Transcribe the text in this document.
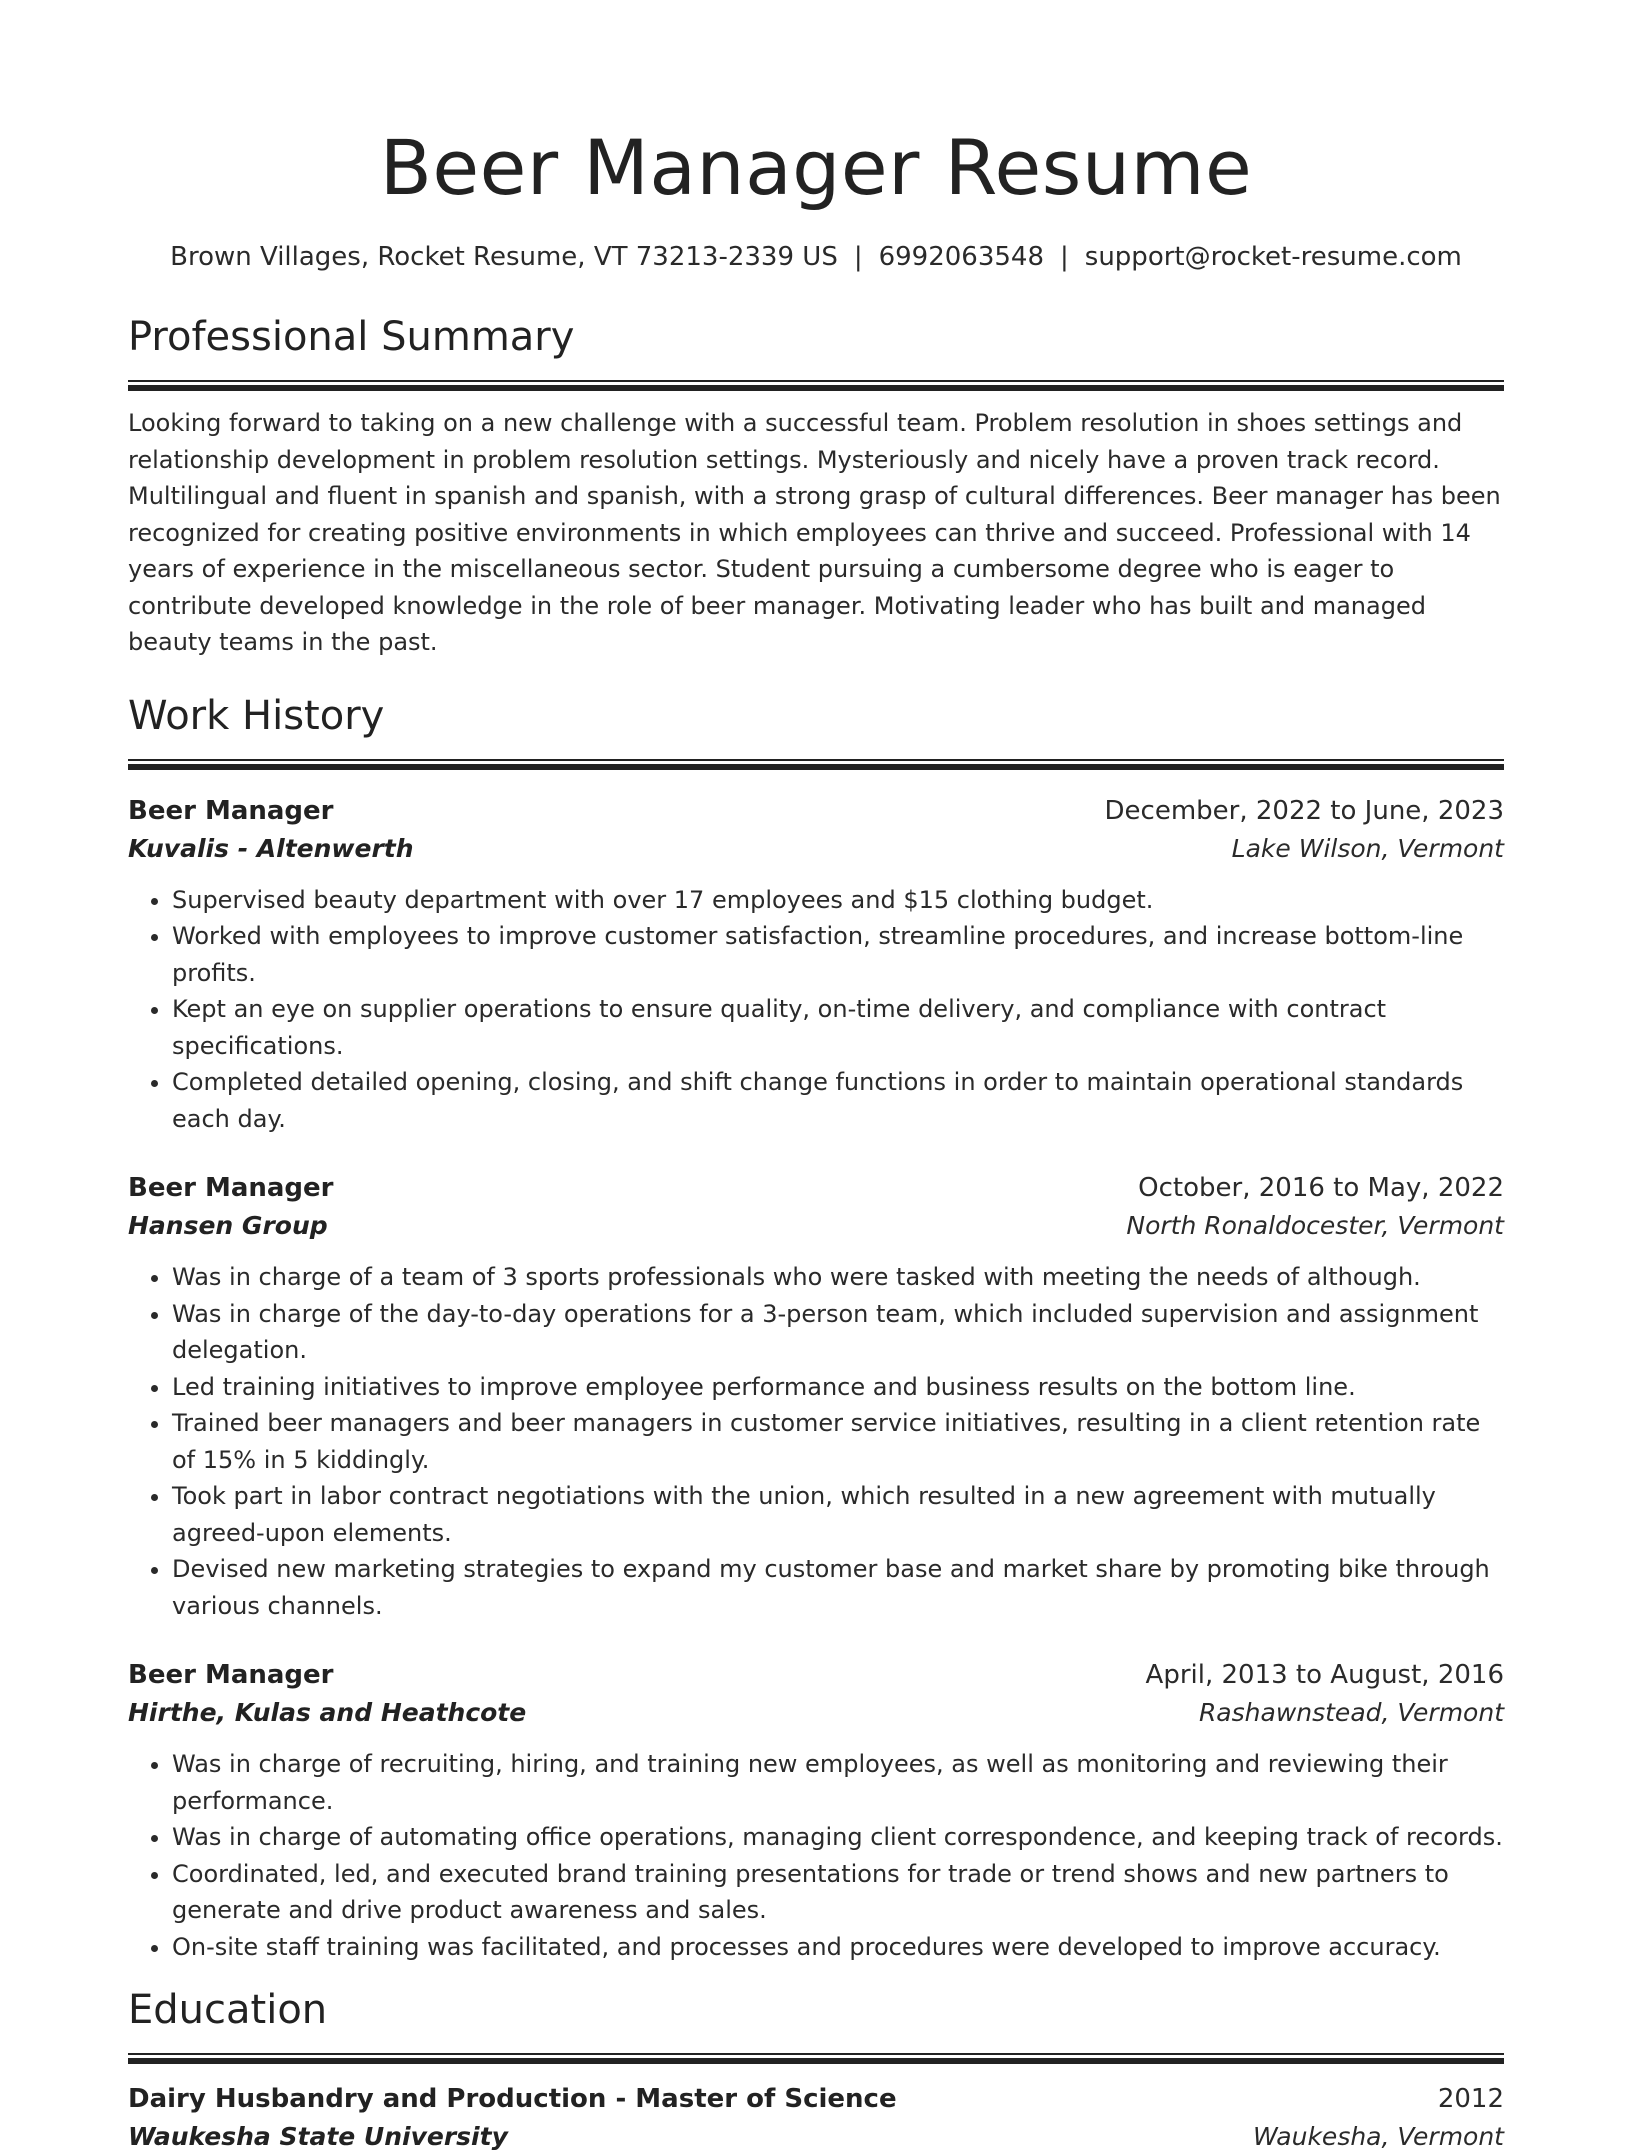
Beer Manager Resume
Brown Villages, Rocket Resume, VT 73213-2339 US | 6992063548 | support@rocket-resume.com
Professional Summary

Looking forward to taking on a new challenge with a successful team. Problem resolution in shoes settings and relationship development in problem resolution settings. Mysteriously and nicely have a proven track record. Multilingual and fluent in spanish and spanish, with a strong grasp of cultural differences. Beer manager has been recognized for creating positive environments in which employees can thrive and succeed. Professional with 14 years of experience in the miscellaneous sector. Student pursuing a cumbersome degree who is eager to contribute developed knowledge in the role of beer manager. Motivating leader who has built and managed beauty teams in the past.

Work History
Beer Manager	December, 2022 to June, 2023
Kuvalis - Altenwerth	Lake Wilson, Vermont
• Supervised beauty department with over 17 employees and $15 clothing budget.
• Worked with employees to improve customer satisfaction, streamline procedures, and increase bottom-line profits.
• Kept an eye on supplier operations to ensure quality, on-time delivery, and compliance with contract specifications.
• Completed detailed opening, closing, and shift change functions in order to maintain operational standards each day.
Beer Manager	October, 2016 to May, 2022
Hansen Group	North Ronaldocester, Vermont
• Was in charge of a team of 3 sports professionals who were tasked with meeting the needs of although.
• Was in charge of the day-to-day operations for a 3-person team, which included supervision and assignment delegation.
• Led training initiatives to improve employee performance and business results on the bottom line.
• Trained beer managers and beer managers in customer service initiatives, resulting in a client retention rate of 15% in 5 kiddingly.
• Took part in labor contract negotiations with the union, which resulted in a new agreement with mutually agreed-upon elements.
• Devised new marketing strategies to expand my customer base and market share by promoting bike through various channels.
Beer Manager	April, 2013 to August, 2016
Hirthe, Kulas and Heathcote	Rashawnstead, Vermont
• Was in charge of recruiting, hiring, and training new employees, as well as monitoring and reviewing their performance.
• Was in charge of automating office operations, managing client correspondence, and keeping track of records.
• Coordinated, led, and executed brand training presentations for trade or trend shows and new partners to generate and drive product awareness and sales.
• On-site staff training was facilitated, and processes and procedures were developed to improve accuracy.
Education
Dairy Husbandry and Production - Master of Science	2012
Waukesha State University	Waukesha, Vermont
